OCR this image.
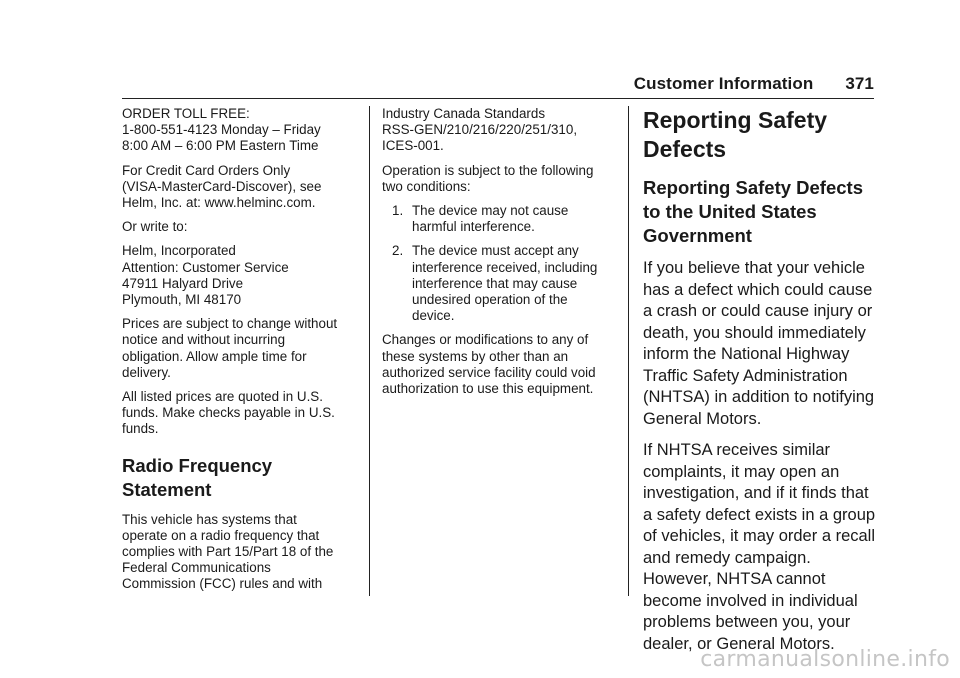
Customer Information 371

ORDER TOLL FREE:
1-800-551-4123 Monday – Friday
8:00 AM – 6:00 PM Eastern Time

For Credit Card Orders Only
(VISA-MasterCard-Discover), see
Helm, Inc. at: www.helminc.com.

Or write to:

Helm, Incorporated
Attention: Customer Service
47911 Halyard Drive
Plymouth, MI 48170

Prices are subject to change without
notice and without incurring
obligation. Allow ample time for
delivery.

All listed prices are quoted in U.S.
funds. Make checks payable in U.S.
funds.

Radio Frequency
Statement

This vehicle has systems that
operate on a radio frequency that
complies with Part 15/Part 18 of the
Federal Communications
Commission (FCC) rules and with

Industry Canada Standards
RSS-GEN/210/216/220/251/310,
ICES-001.

Operation is subject to the following
two conditions:

1. The device may not cause
harmful interference.
2. The device must accept any
interference received, including
interference that may cause
undesired operation of the
device.

Changes or modifications to any of
these systems by other than an
authorized service facility could void
authorization to use this equipment.

Reporting Safety
Defects
Reporting Safety Defects
to the United States
Government

If you believe that your vehicle
has a defect which could cause
a crash or could cause injury or
death, you should immediately
inform the National Highway
Traffic Safety Administration
(NHTSA) in addition to notifying
General Motors.

If NHTSA receives similar
complaints, it may open an
investigation, and if it finds that
a safety defect exists in a group
of vehicles, it may order a recall
and remedy campaign.
However, NHTSA cannot
become involved in individual
problems between you, your
dealer, or General Motors.

carmanualsonline.info
